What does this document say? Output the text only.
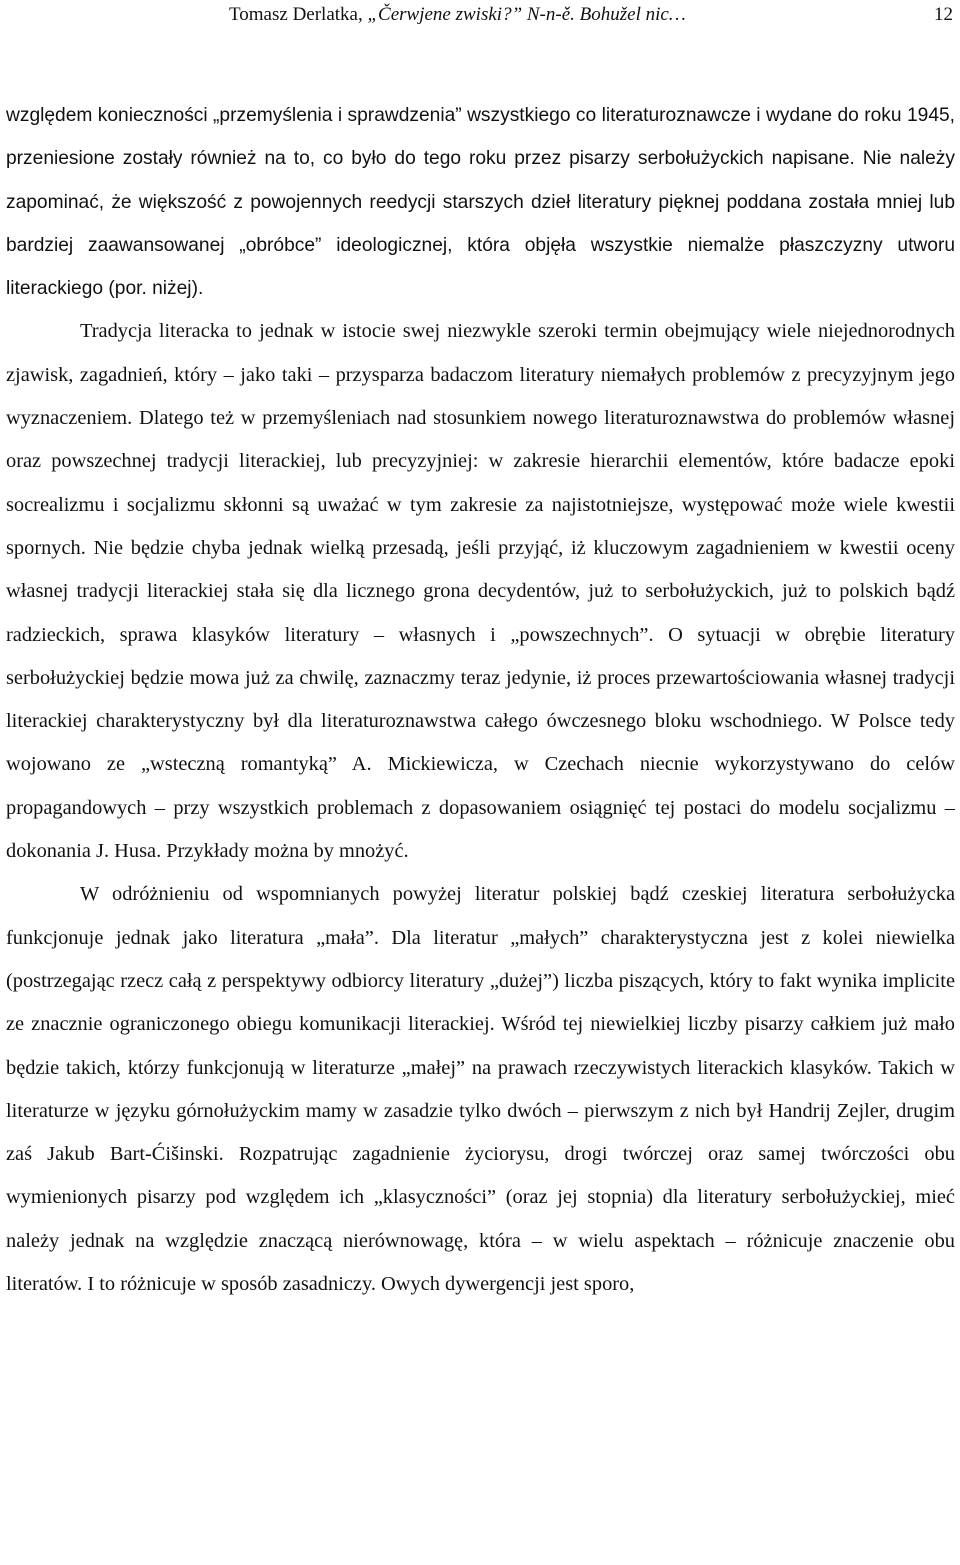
Tomasz Derlatka, „Čerwjene zwiski?” N-n-ě. Bohužel nic…	12

względem konieczności „przemyślenia i sprawdzenia” wszystkiego co literaturoznawcze i wydane do roku 1945, przeniesione zostały również na to, co było do tego roku przez pisarzy serbołużyckich napisane. Nie należy zapominać, że większość z powojennych reedycji starszych dzieł literatury pięknej poddana została mniej lub bardziej zaawansowanej „obróbce” ideologicznej, która objęła wszystkie niemalże płaszczyzny utworu literackiego (por. niżej).

Tradycja literacka to jednak w istocie swej niezwykle szeroki termin obejmujący wiele niejednorodnych zjawisk, zagadnień, który – jako taki – przysparza badaczom literatury niemałych problemów z precyzyjnym jego wyznaczeniem. Dlatego też w przemyśleniach nad stosunkiem nowego literaturoznawstwa do problemów własnej oraz powszechnej tradycji literackiej, lub precyzyjniej: w zakresie hierarchii elementów, które badacze epoki socrealizmu i socjalizmu skłonni są uważać w tym zakresie za najistotniejsze, występować może wiele kwestii spornych. Nie będzie chyba jednak wielką przesadą, jeśli przyjąć, iż kluczowym zagadnieniem w kwestii oceny własnej tradycji literackiej stała się dla licznego grona decydentów, już to serbołużyckich, już to polskich bądź radzieckich, sprawa klasyków literatury – własnych i „powszechnych”. O sytuacji w obrębie literatury serbołużyckiej będzie mowa już za chwilę, zaznaczmy teraz jedynie, iż proces przewartościowania własnej tradycji literackiej charakterystyczny był dla literaturoznawstwa całego ówczesnego bloku wschodniego. W Polsce tedy wojowano ze „wsteczną romantyką” A. Mickiewicza, w Czechach niecnie wykorzystywano do celów propagandowych – przy wszystkich problemach z dopasowaniem osiągnięć tej postaci do modelu socjalizmu – dokonania J. Husa. Przykłady można by mnożyć.

W odróżnieniu od wspomnianych powyżej literatur polskiej bądź czeskiej literatura serbołużycka funkcjonuje jednak jako literatura „mała”. Dla literatur „małych” charakterystyczna jest z kolei niewielka (postrzegając rzecz całą z perspektywy odbiorcy literatury „dużej”) liczba piszących, który to fakt wynika implicite ze znacznie ograniczonego obiegu komunikacji literackiej. Wśród tej niewielkiej liczby pisarzy całkiem już mało będzie takich, którzy funkcjonują w literaturze „małej” na prawach rzeczywistych literackich klasyków. Takich w literaturze w języku górnołużyckim mamy w zasadzie tylko dwóch – pierwszym z nich był Handrij Zejler, drugim zaś Jakub Bart-Ćišinski. Rozpatrując zagadnienie życiorysu, drogi twórczej oraz samej twórczości obu wymienionych pisarzy pod względem ich „klasyczności” (oraz jej stopnia) dla literatury serbołużyckiej, mieć należy jednak na względzie znaczącą nierównowagę, która – w wielu aspektach – różnicuje znaczenie obu literatów. I to różnicuje w sposób zasadniczy. Owych dywergencji jest sporo,
